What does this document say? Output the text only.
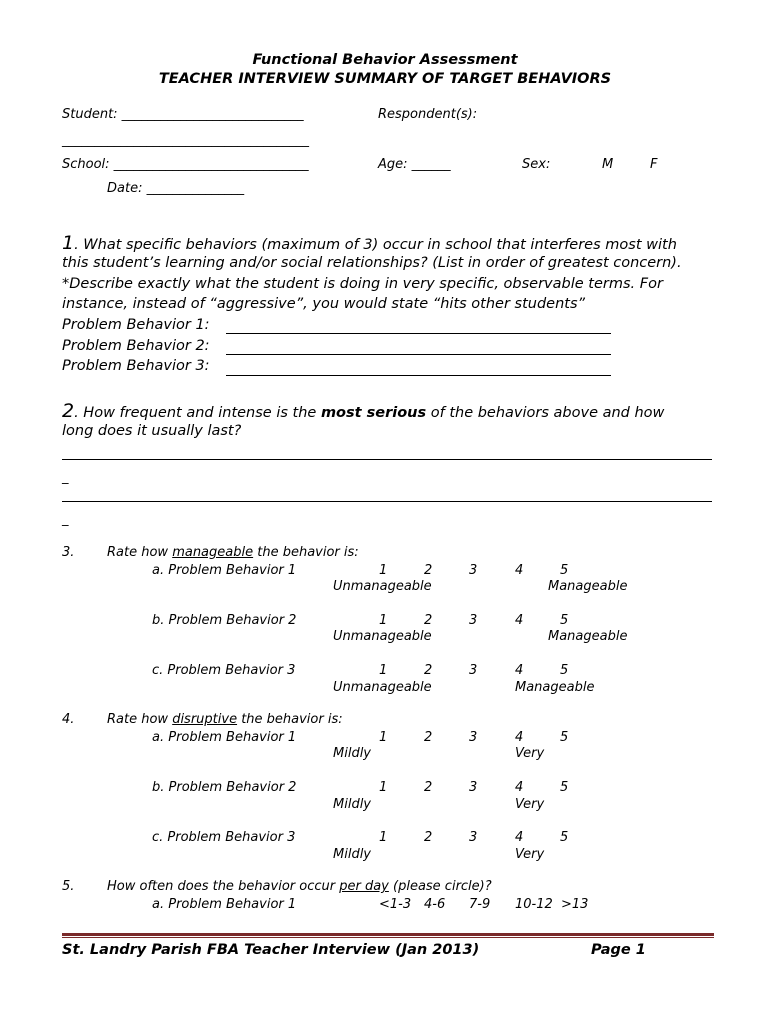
Functional Behavior Assessment
TEACHER INTERVIEW SUMMARY OF TARGET BEHAVIORS
Student: ____________________________	Respondent(s):
______________________________________
School: ______________________________	Age: ______	Sex:	M	F
Date: _______________
1. What specific behaviors (maximum of 3) occur in school that interferes most with
this student’s learning and/or social relationships? (List in order of greatest concern).
*Describe exactly what the student is doing in very specific, observable terms. For
instance, instead of “aggressive”, you would state “hits other students”
Problem Behavior 1:
Problem Behavior 2:
Problem Behavior 3:
2. How frequent and intense is the most serious of the behaviors above and how
long does it usually last?
_
_
3.	Rate how manageable the behavior is:
a. Problem Behavior 1	1	2	3	4	5
Unmanageable	Manageable
b. Problem Behavior 2	1	2	3	4	5
Unmanageable	Manageable
c. Problem Behavior 3	1	2	3	4	5
Unmanageable	Manageable
4.	Rate how disruptive the behavior is:
a. Problem Behavior 1	1	2	3	4	5
Mildly	Very
b. Problem Behavior 2	1	2	3	4	5
Mildly	Very
c. Problem Behavior 3	1	2	3	4	5
Mildly	Very
5.	How often does the behavior occur per day (please circle)?
a. Problem Behavior 1	<1-3 4-6 7-9 10-12 >13
St. Landry Parish FBA Teacher Interview (Jan 2013)	Page 1
